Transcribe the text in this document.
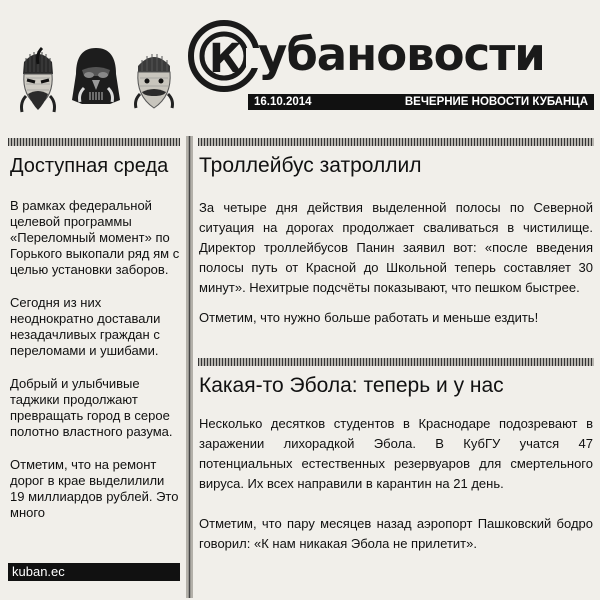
К убановости
16.10.2014	ВЕЧЕРНИЕ НОВОСТИ КУБАНЦА
Доступная среда

В рамках федеральной целевой программы «Переломный момент» по Горького выкопали ряд ям с целью установки заборов.

Сегодня из них неоднократно доставали незадачливых граждан с переломами и ушибами.

Добрый и улыбчивые таджики продолжают превращать город в серое полотно властного разума.

Отметим, что на ремонт дорог в крае выделилили 19 миллиардов рублей. Это много

kuban.ec
Троллейбус затроллил

За четыре дня действия выделенной полосы по Северной ситуация на дорогах продолжает сваливаться в чистилище. Директор троллейбусов Панин заявил вот: «после введения полосы путь от Красной до Школьной теперь составляет 30 минут». Нехитрые подсчёты показывают, что пешком быстрее.

Отметим, что нужно больше работать и меньше ездить!

Какая-то Эбола: теперь и у нас

Несколько десятков студентов в Краснодаре подозревают в заражении лихорадкой Эбола. В КубГУ учатся 47 потенциальных естественных резервуаров для смертельного вируса. Их всех направили в карантин на 21 день.

Отметим, что пару месяцев назад аэропорт Пашковский бодро говорил: «К нам никакая Эбола не прилетит».
